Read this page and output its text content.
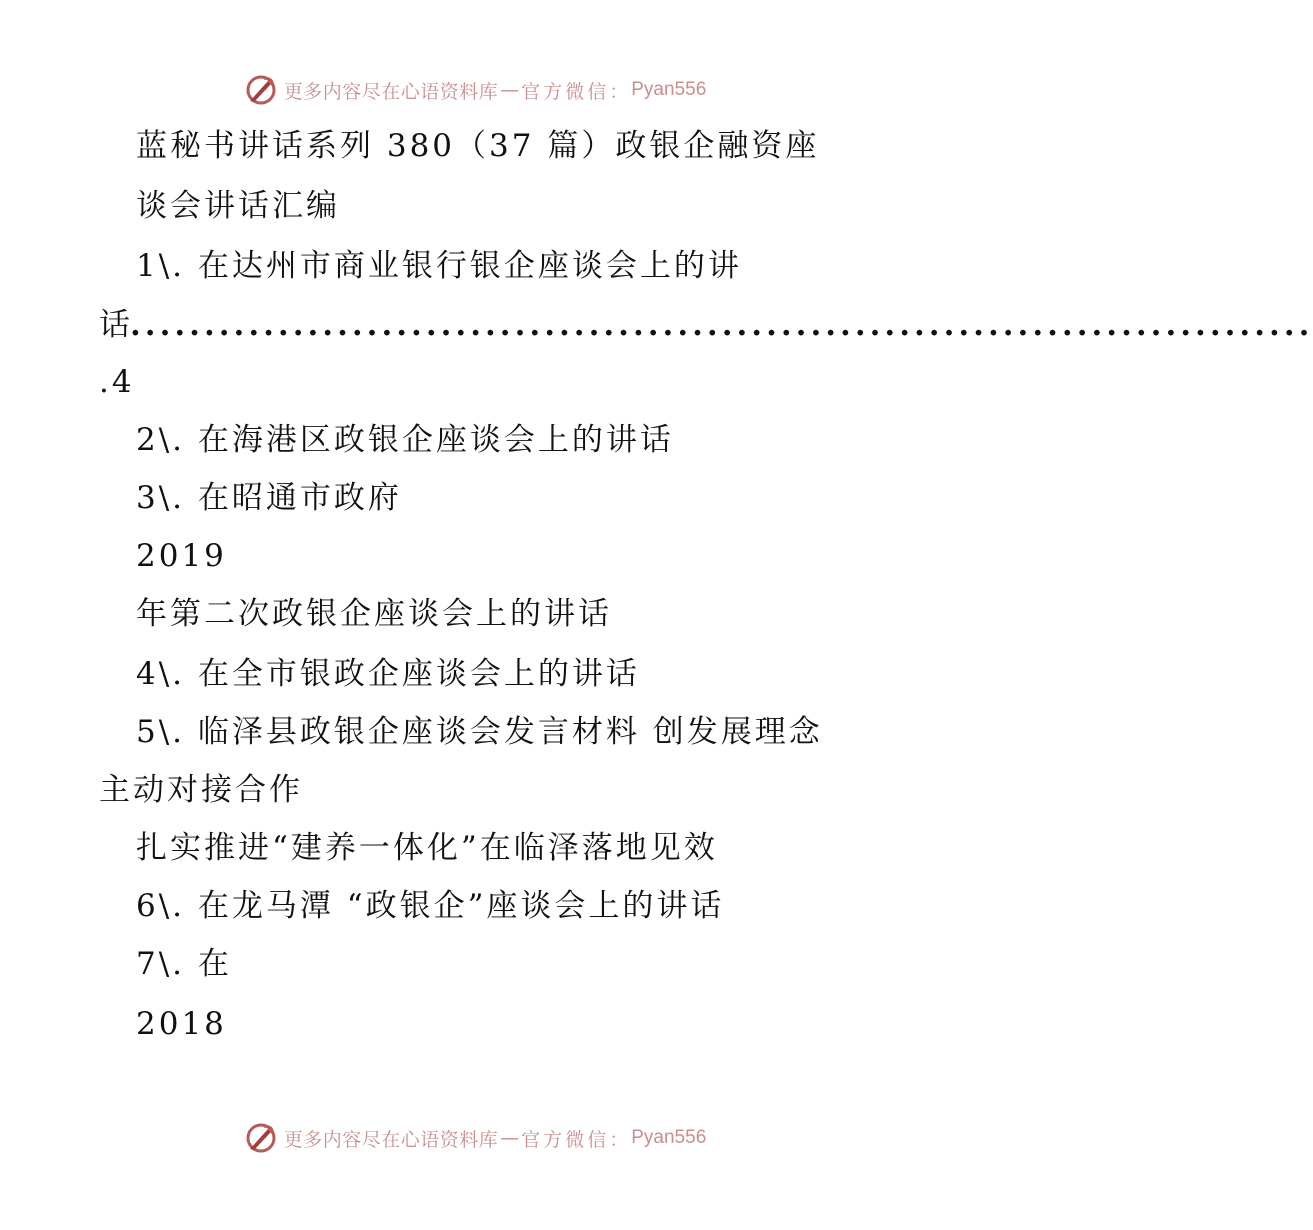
更多内容尽在心语资料库 — 官方微信： Pyan556
蓝秘书讲话系列 380（37 篇）政银企融资座
谈会讲话汇编
1\. 在达州市商业银行银企座谈会上的讲
话 ................................................................................
.4
2\. 在海港区政银企座谈会上的讲话
3\. 在昭通市政府
2019
年第二次政银企座谈会上的讲话
4\. 在全市银政企座谈会上的讲话
5\. 临泽县政银企座谈会发言材料 创发展理念
主动对接合作
扎实推进“建养一体化”在临泽落地见效
6\. 在龙马潭 “政银企”座谈会上的讲话
7\. 在
2018
更多内容尽在心语资料库 — 官方微信： Pyan556
